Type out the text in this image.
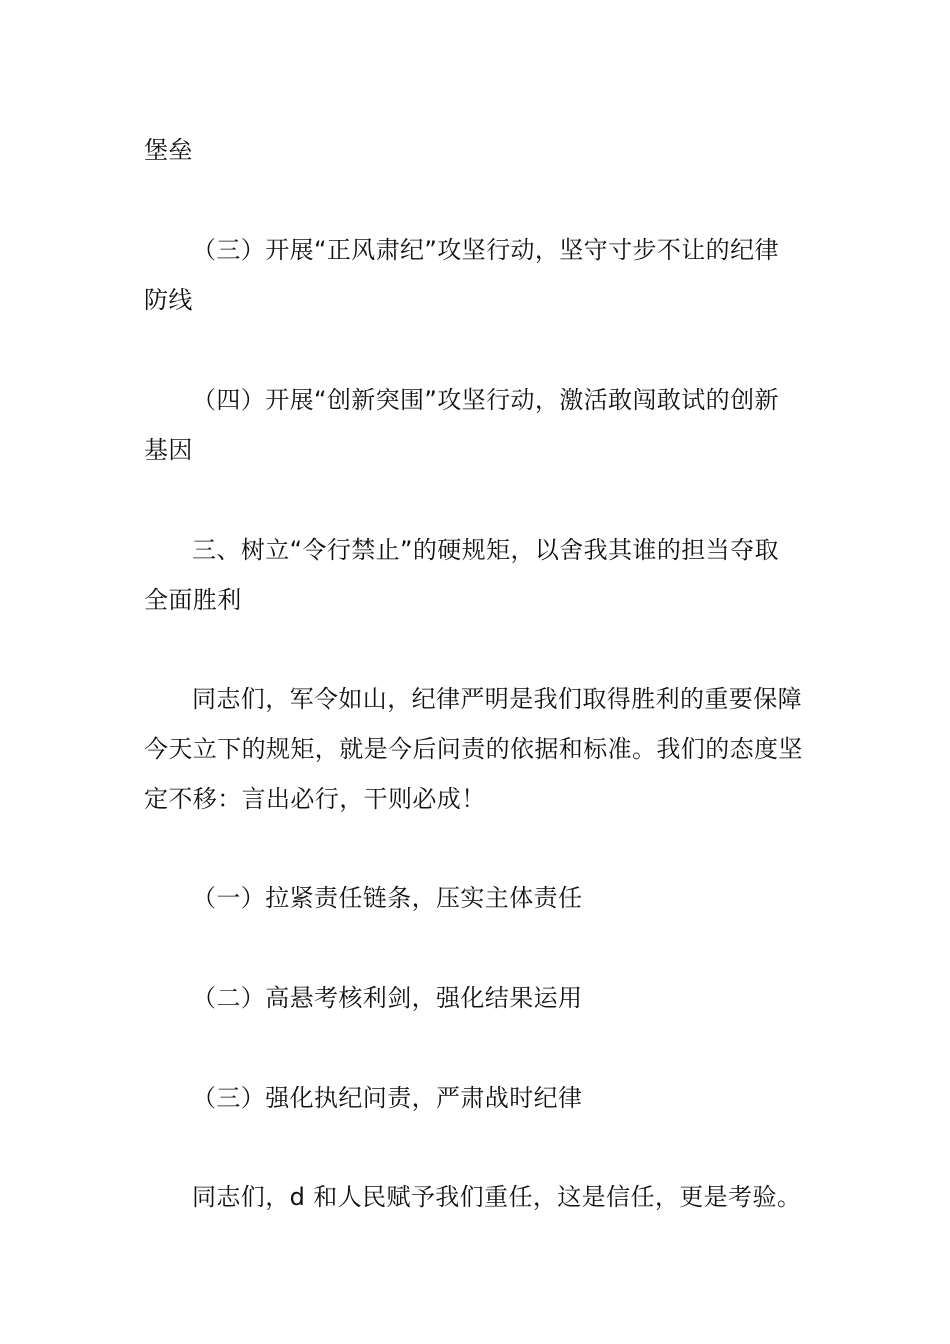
堡垒
（三）开展“正风肃纪”攻坚行动，坚守寸步不让的纪律
防线
（四）开展“创新突围”攻坚行动，激活敢闯敢试的创新
基因
三、树立“令行禁止”的硬规矩，以舍我其谁的担当夺取
全面胜利
同志们，军令如山，纪律严明是我们取得胜利的重要保障
今天立下的规矩，就是今后问责的依据和标准。我们的态度坚
定不移：言出必行，干则必成！
（一）拉紧责任链条，压实主体责任
（二）高悬考核利剑，强化结果运用
（三）强化执纪问责，严肃战时纪律
同志们，d 和人民赋予我们重任，这是信任，更是考验。
